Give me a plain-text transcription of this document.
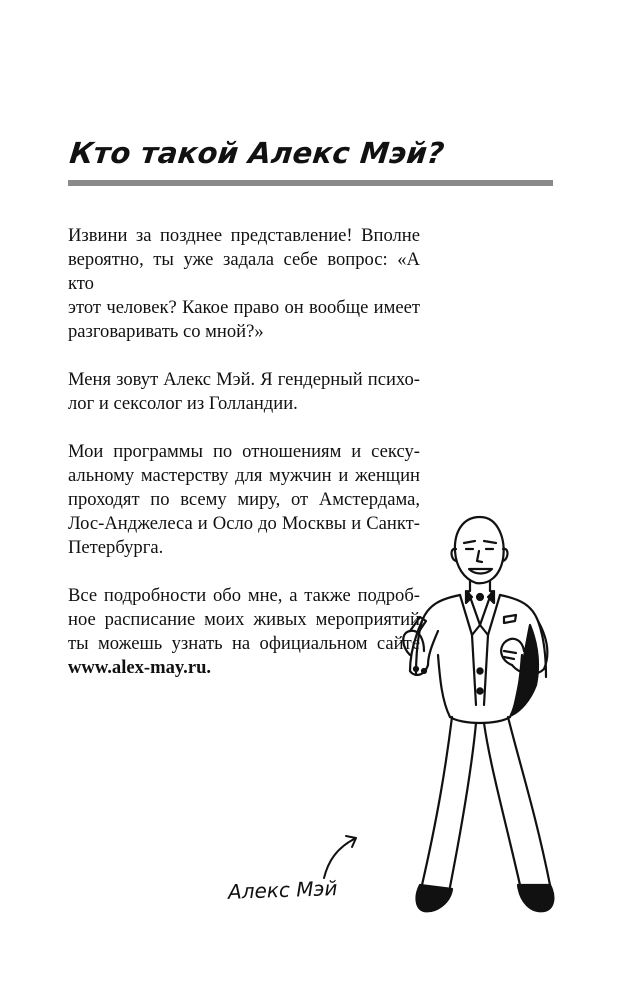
Кто такой Алекс Мэй?

Извини за позднее представление! Вполне
вероятно, ты уже задала себе вопрос: «А кто
этот человек? Какое право он вообще имеет
разговаривать со мной?»

Меня зовут Алекс Мэй. Я гендерный психо-
лог и сексолог из Голландии.

Мои программы по отношениям и сексу-
альному мастерству для мужчин и женщин
проходят по всему миру, от Амстердама,
Лос-Анджелеса и Осло до Москвы и Санкт-
Петербурга.

Все подробности обо мне, а также подроб-
ное расписание моих живых мероприятий
ты можешь узнать на официальном сайте
www.alex-may.ru.

Алекс Мэй
